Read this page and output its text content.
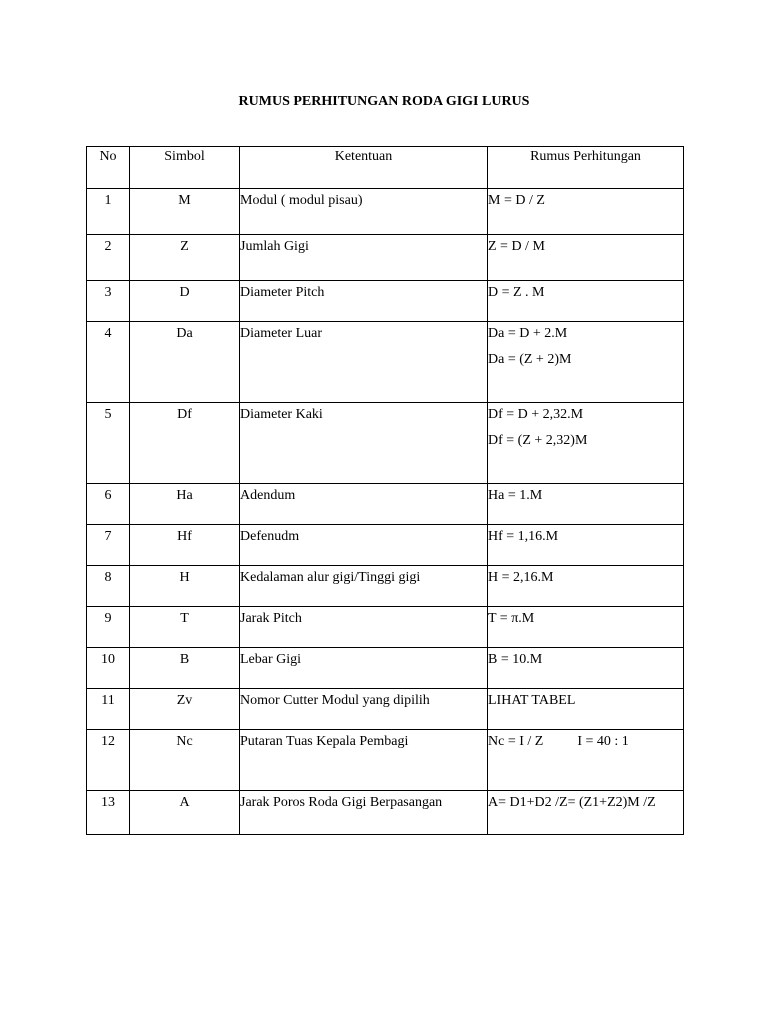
RUMUS PERHITUNGAN RODA GIGI LURUS
No	Simbol	Ketentuan	Rumus Perhitungan
1	M	Modul ( modul pisau)	M = D / Z
2	Z	Jumlah Gigi	Z = D / M
3	D	Diameter Pitch	D = Z . M
4	Da	Diameter Luar	Da = D + 2.M
Da = (Z + 2)M

5	Df	Diameter Kaki	Df = D + 2,32.M
Df = (Z + 2,32)M

6	Ha	Adendum	Ha = 1.M
7	Hf	Defenudm	Hf = 1,16.M
8	H	Kedalaman alur gigi/Tinggi gigi	H = 2,16.M
9	T	Jarak Pitch	T = π.M
10	B	Lebar Gigi	B = 10.M
11	Zv	Nomor Cutter Modul yang dipilih	LIHAT TABEL
12	Nc	Putaran Tuas Kepala Pembagi	Nc = I / Z I = 40 : 1
13	A	Jarak Poros Roda Gigi Berpasangan	A= D1+D2 /Z= (Z1+Z2)M /Z
